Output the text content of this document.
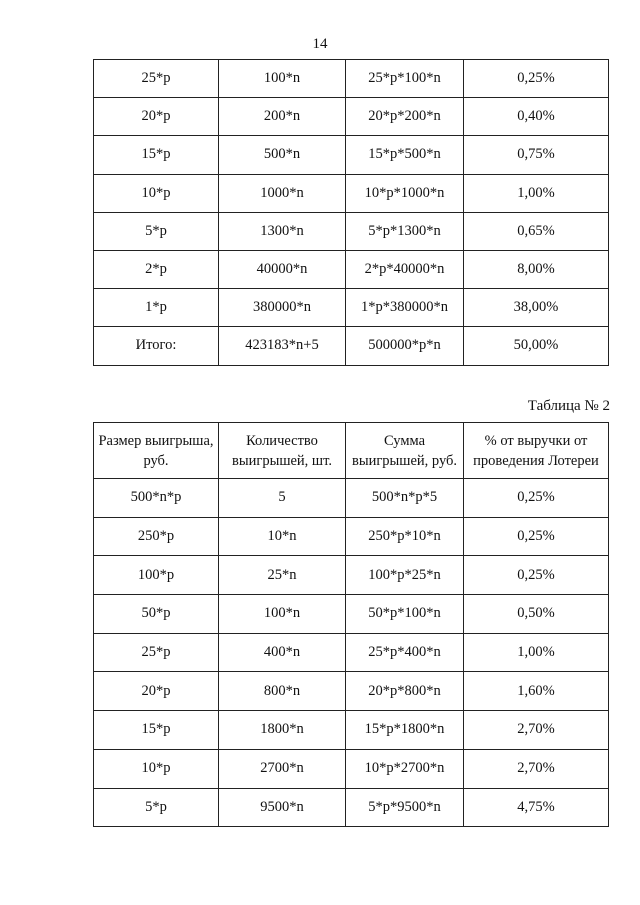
14
25*р	100*n	25*р*100*n	0,25%
20*р	200*n	20*р*200*n	0,40%
15*р	500*n	15*р*500*n	0,75%
10*р	1000*n	10*р*1000*n	1,00%
5*р	1300*n	5*р*1300*n	0,65%
2*р	40000*n	2*р*40000*n	8,00%
1*р	380000*n	1*р*380000*n	38,00%
Итого:	423183*n+5	500000*р*n	50,00%
Таблица № 2
Размер выигрыша, руб.	Количество выигрышей, шт.	Сумма выигрышей, руб.	% от выручки от проведения Лотереи
500*n*р	5	500*n*р*5	0,25%
250*р	10*n	250*р*10*n	0,25%
100*р	25*n	100*р*25*n	0,25%
50*р	100*n	50*р*100*n	0,50%
25*р	400*n	25*р*400*n	1,00%
20*р	800*n	20*р*800*n	1,60%
15*р	1800*n	15*р*1800*n	2,70%
10*р	2700*n	10*р*2700*n	2,70%
5*р	9500*n	5*р*9500*n	4,75%
